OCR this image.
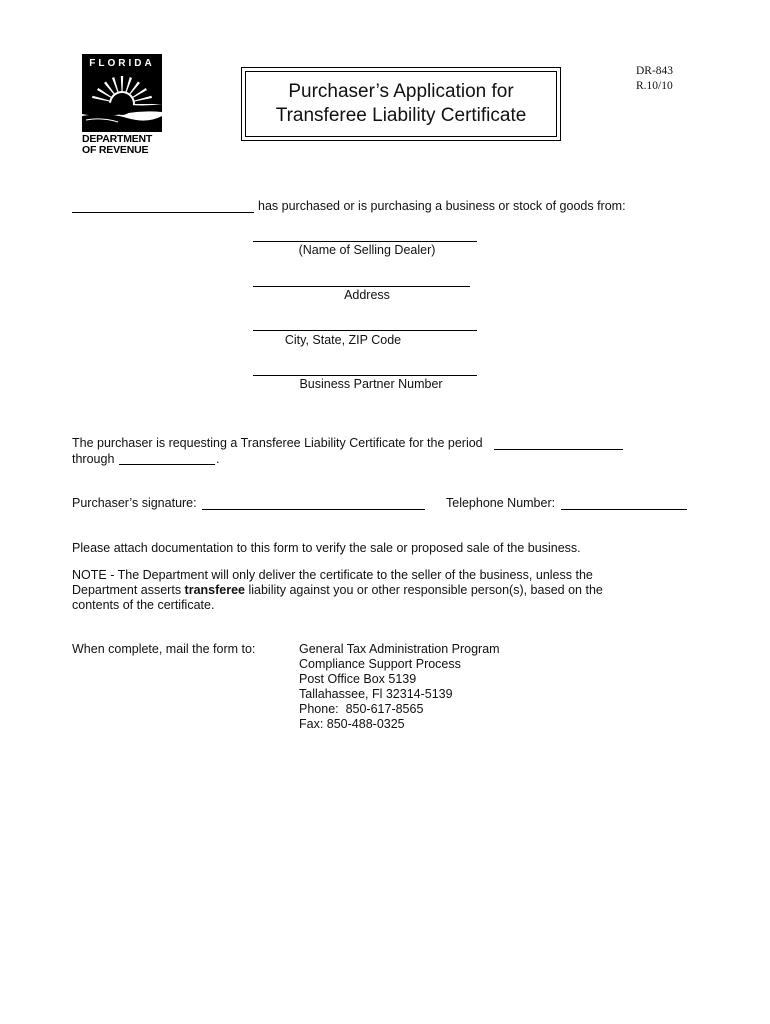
FLORIDA
DEPARTMENT
OF REVENUE
Purchaser’s Application for
Transferee Liability Certificate
DR-843
R.10/10
has purchased or is purchasing a business or stock of goods from:
(Name of Selling Dealer)
Address
City, State, ZIP Code
Business Partner Number
The purchaser is requesting a Transferee Liability Certificate for the period
through	.
Purchaser’s signature:	Telephone Number:
Please attach documentation to this form to verify the sale or proposed sale of the business.
NOTE - The Department will only deliver the certificate to the seller of the business, unless the
Department asserts transferee liability against you or other responsible person(s), based on the
contents of the certificate.
When complete, mail the form to:	General Tax Administration Program
Compliance Support Process
Post Office Box 5139
Tallahassee, Fl 32314-5139
Phone:  850-617-8565
Fax: 850-488-0325
